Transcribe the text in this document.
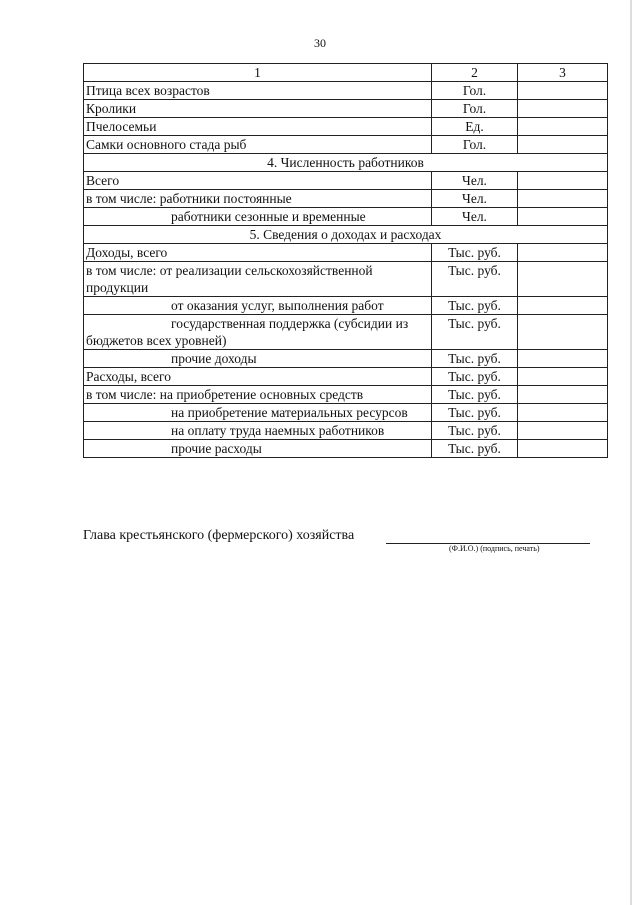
30
1	2	3
Птица всех возрастов	Гол.	
Кролики	Гол.	
Пчелосемьи	Ед.	
Самки основного стада рыб	Гол.	
4. Численность работников		
Всего	Чел.	
в том числе: работники постоянные	Чел.	
работники сезонные и временные	Чел.	
5. Сведения о доходах и расходах		
Доходы, всего	Тыс. руб.	
в том числе: от реализации сельскохозяйственной продукции	Тыс. руб.	
от оказания услуг, выполнения работ	Тыс. руб.	
государственная поддержка (субсидии из бюджетов всех уровней)	Тыс. руб.	
прочие доходы	Тыс. руб.	
Расходы, всего	Тыс. руб.	
в том числе: на приобретение основных средств	Тыс. руб.	
на приобретение материальных ресурсов	Тыс. руб.	
на оплату труда наемных работников	Тыс. руб.	
прочие расходы	Тыс. руб.	
Глава крестьянского (фермерского) хозяйства
(Ф.И.О.) (подпись, печать)
